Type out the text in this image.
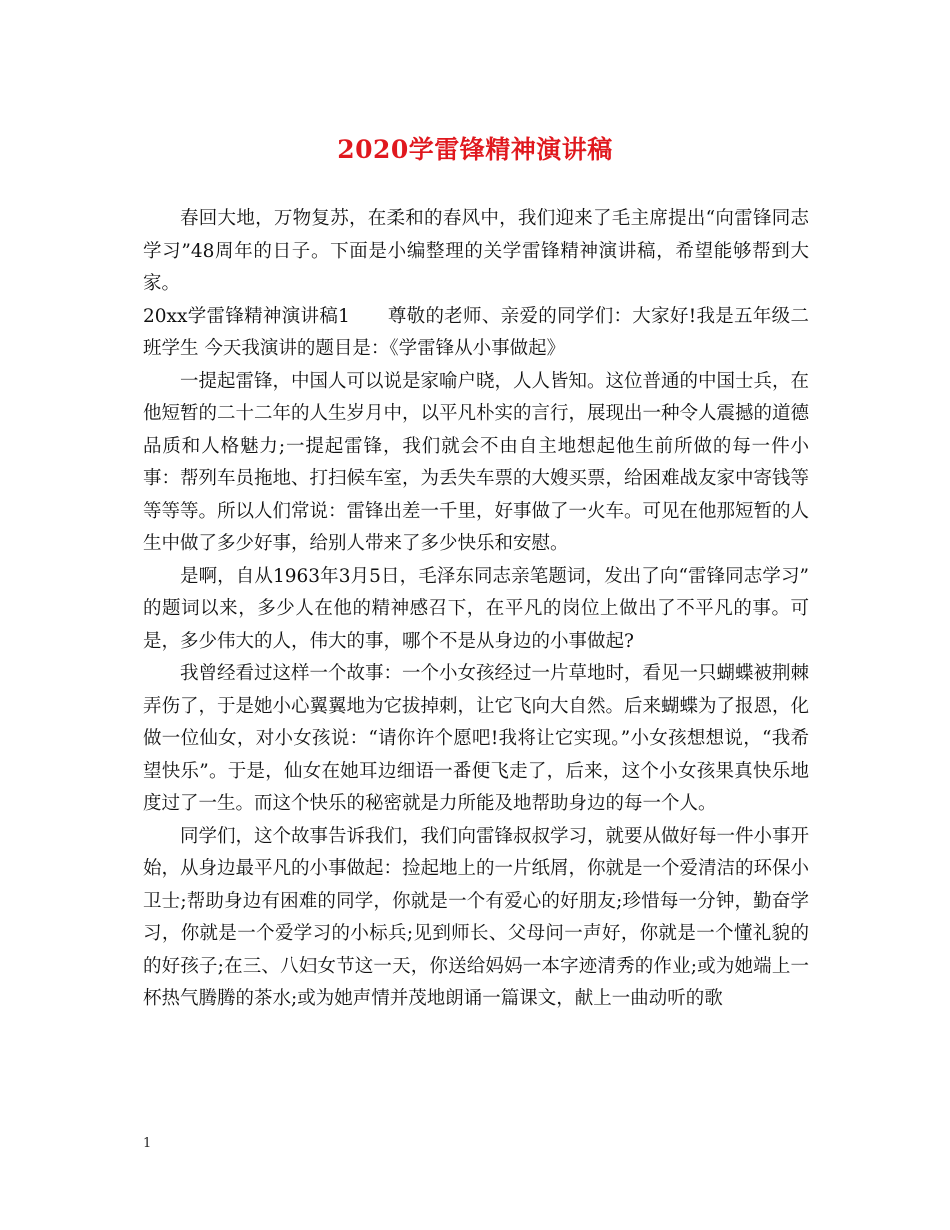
2020学雷锋精神演讲稿

春回大地，万物复苏，在柔和的春风中，我们迎来了毛主席提出“向雷锋同志学习”48周年的日子。下面是小编整理的关学雷锋精神演讲稿，希望能够帮到大家。

20xx学雷锋精神演讲稿1　　尊敬的老师、亲爱的同学们：大家好!我是五年级二班学生 今天我演讲的题目是：《学雷锋从小事做起》

一提起雷锋，中国人可以说是家喻户晓，人人皆知。这位普通的中国士兵，在他短暂的二十二年的人生岁月中，以平凡朴实的言行，展现出一种令人震撼的道德品质和人格魅力;一提起雷锋，我们就会不由自主地想起他生前所做的每一件小事：帮列车员拖地、打扫候车室，为丢失车票的大嫂买票，给困难战友家中寄钱等等等等。所以人们常说：雷锋出差一千里，好事做了一火车。可见在他那短暂的人生中做了多少好事，给别人带来了多少快乐和安慰。

是啊，自从1963年3月5日，毛泽东同志亲笔题词，发出了向“雷锋同志学习” 的题词以来，多少人在他的精神感召下，在平凡的岗位上做出了不平凡的事。可是，多少伟大的人，伟大的事，哪个不是从身边的小事做起?

我曾经看过这样一个故事：一个小女孩经过一片草地时，看见一只蝴蝶被荆棘弄伤了，于是她小心翼翼地为它拔掉刺，让它飞向大自然。后来蝴蝶为了报恩，化做一位仙女，对小女孩说：“请你许个愿吧!我将让它实现。”小女孩想想说，“我希望快乐”。于是，仙女在她耳边细语一番便飞走了，后来，这个小女孩果真快乐地度过了一生。而这个快乐的秘密就是力所能及地帮助身边的每一个人。

同学们，这个故事告诉我们，我们向雷锋叔叔学习，就要从做好每一件小事开始，从身边最平凡的小事做起：捡起地上的一片纸屑，你就是一个爱清洁的环保小卫士;帮助身边有困难的同学，你就是一个有爱心的好朋友;珍惜每一分钟，勤奋学习，你就是一个爱学习的小标兵;见到师长、父母问一声好，你就是一个懂礼貌的的好孩子;在三、八妇女节这一天，你送给妈妈一本字迹清秀的作业;或为她端上一杯热气腾腾的茶水;或为她声情并茂地朗诵一篇课文，献上一曲动听的歌

1
